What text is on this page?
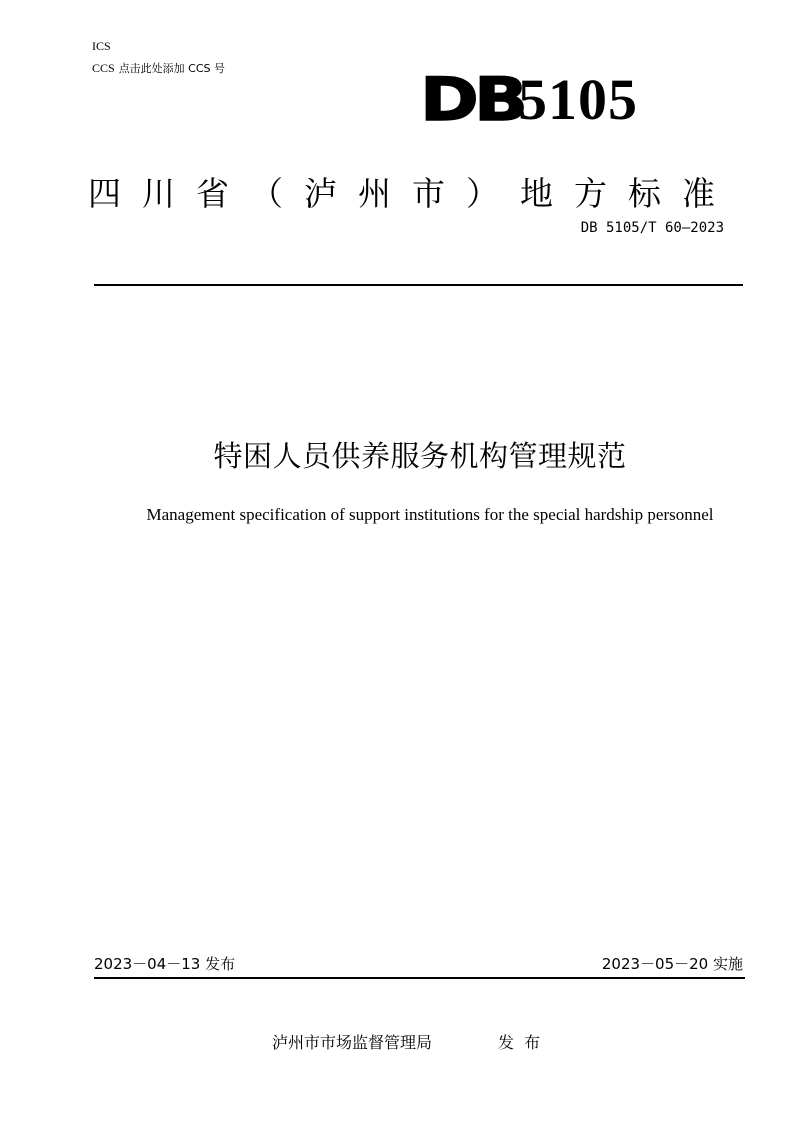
ICS
CCS 点击此处添加 CCS 号	DB
5105
四川省（泸州市）地方标准
DB 5105/T 60—2023
特困人员供养服务机构管理规范
Management specification of support institutions for the special hardship personnel
2023－04－13 发布	2023－05－20 实施
泸州市市场监督管理局	发布
